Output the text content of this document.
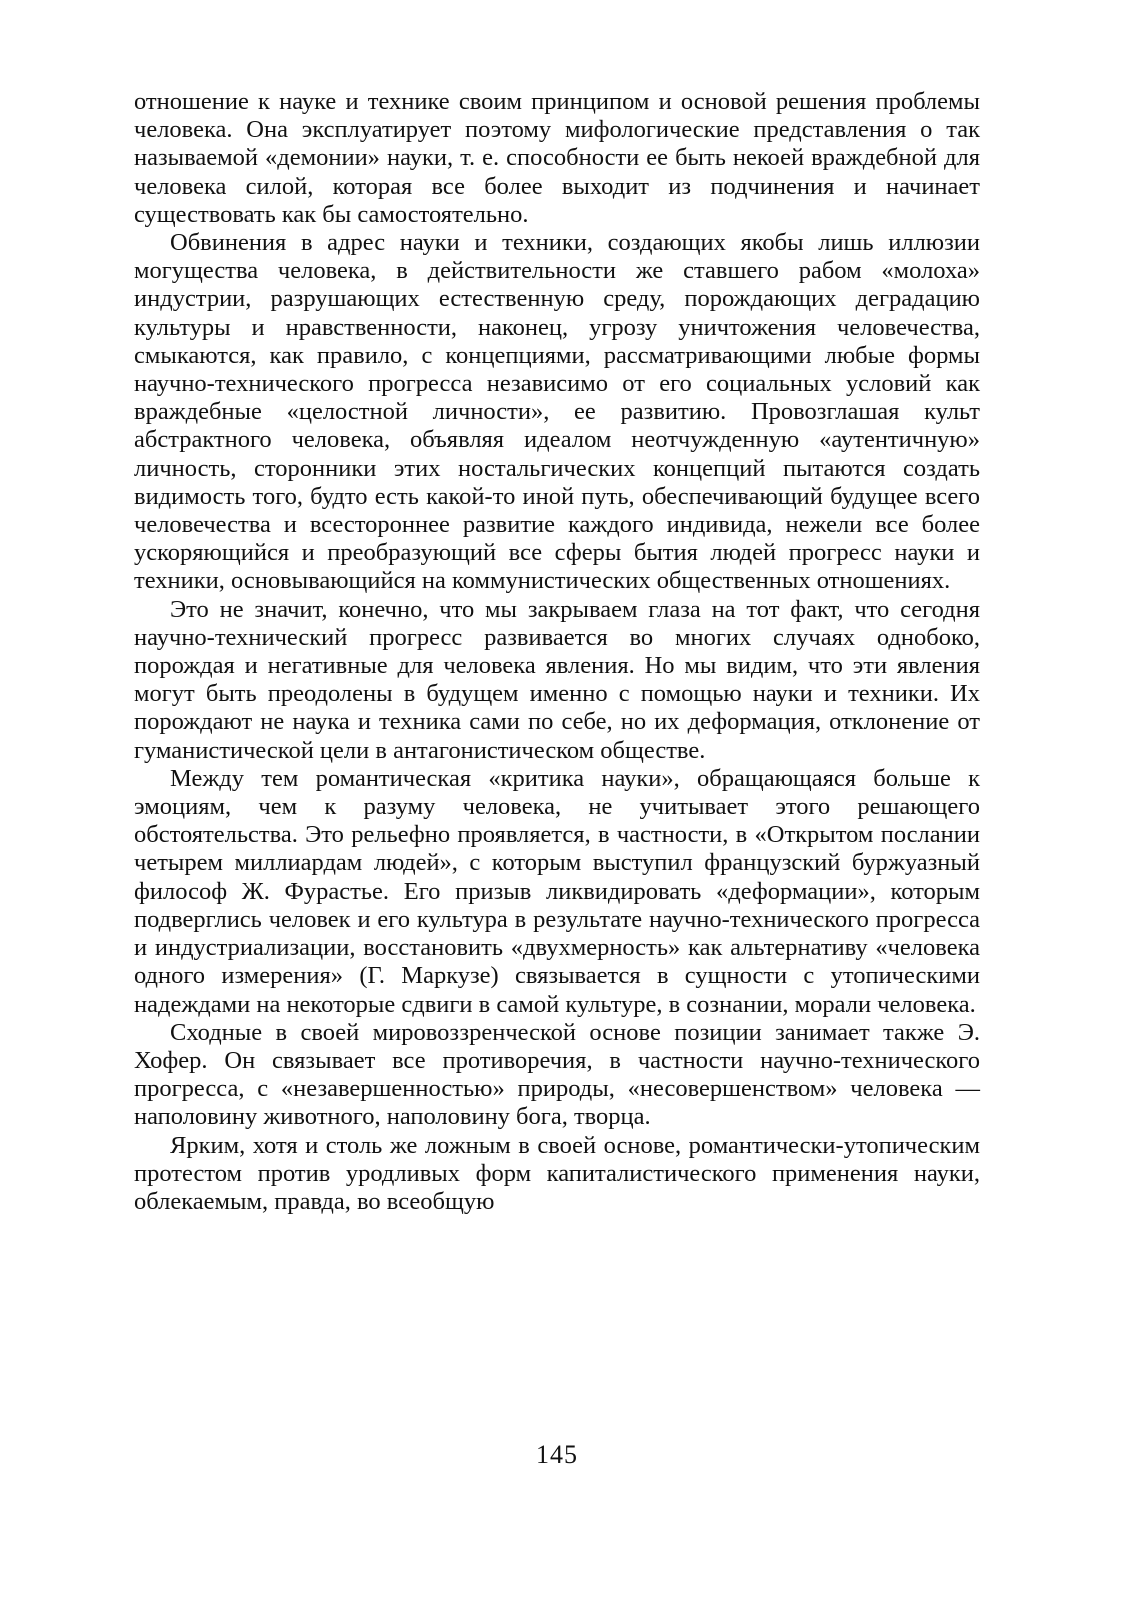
отношение к науке и технике своим принципом и основой решения проблемы человека. Она эксплуатирует поэтому мифологические представления о так называемой «демонии» науки, т. е. способности ее быть некоей враждебной для человека силой, которая все более выходит из подчинения и начинает существовать как бы самостоятельно.

Обвинения в адрес науки и техники, создающих якобы лишь иллюзии могущества человека, в действительности же ставшего рабом «молоха» индустрии, разрушающих естественную среду, порождающих деградацию культуры и нравственности, наконец, угрозу уничтожения человечества, смыкаются, как правило, с концепциями, рассматривающими любые формы научно-технического прогресса независимо от его социальных условий как враждебные «целостной личности», ее развитию. Провозглашая культ абстрактного человека, объявляя идеалом неотчужденную «аутентичную» личность, сторонники этих ностальгических концепций пытаются создать видимость того, будто есть какой-то иной путь, обеспечивающий будущее всего человечества и всестороннее развитие каждого индивида, нежели все более ускоряющийся и преобразующий все сферы бытия людей прогресс науки и техники, основывающийся на коммунистических общественных отношениях.

Это не значит, конечно, что мы закрываем глаза на тот факт, что сегодня научно-технический прогресс развивается во многих случаях однобоко, порождая и негативные для человека явления. Но мы видим, что эти явления могут быть преодолены в будущем именно с помощью науки и техники. Их порождают не наука и техника сами по себе, но их деформация, отклонение от гуманистической цели в антагонистическом обществе.

Между тем романтическая «критика науки», обращающаяся больше к эмоциям, чем к разуму человека, не учитывает этого решающего обстоятельства. Это рельефно проявляется, в частности, в «Открытом послании четырем миллиардам людей», с которым выступил французский буржуазный философ Ж. Фурастье. Его призыв ликвидировать «деформации», которым подверглись человек и его культура в результате научно-технического прогресса и индустриализации, восстановить «двухмерность» как альтернативу «человека одного измерения» (Г. Маркузе) связывается в сущности с утопическими надеждами на некоторые сдвиги в самой культуре, в сознании, морали человека.

Сходные в своей мировоззренческой основе позиции занимает также Э. Хофер. Он связывает все противоречия, в частности научно-технического прогресса, с «незавершенностью» природы, «несовершенством» человека — наполовину животного, наполовину бога, творца.

Ярким, хотя и столь же ложным в своей основе, романтически-утопическим протестом против уродливых форм капиталистического применения науки, облекаемым, правда, во всеобщую

145
